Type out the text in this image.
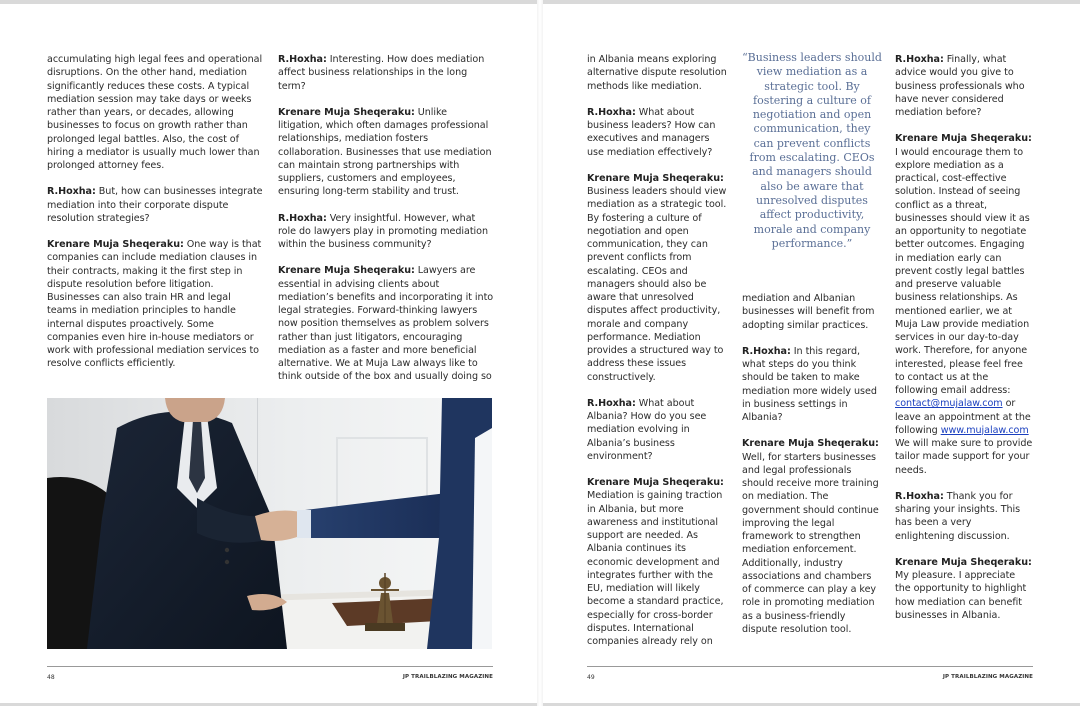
accumulating high legal fees and operational disruptions. On the other hand, mediation significantly reduces these costs. A typical mediation session may take days or weeks rather than years, or decades, allowing businesses to focus on growth rather than prolonged legal battles. Also, the cost of hiring a mediator is usually much lower than prolonged attorney fees.

R.Hoxha: But, how can businesses integrate mediation into their corporate dispute resolution strategies?

Krenare Muja Sheqeraku: One way is that companies can include mediation clauses in their contracts, making it the first step in dispute resolution before litigation. Businesses can also train HR and legal teams in mediation principles to handle internal disputes proactively. Some companies even hire in-house mediators or work with professional mediation services to resolve conflicts efficiently.

R.Hoxha: Interesting. How does mediation affect business relationships in the long term?

Krenare Muja Sheqeraku: Unlike litigation, which often damages professional relationships, mediation fosters collaboration. Businesses that use mediation can maintain strong partnerships with suppliers, customers and employees, ensuring long-term stability and trust.

R.Hoxha: Very insightful. However, what role do lawyers play in promoting mediation within the business community?

Krenare Muja Sheqeraku: Lawyers are essential in advising clients about mediation’s benefits and incorporating it into legal strategies. Forward-thinking lawyers now position themselves as problem solvers rather than just litigators, encouraging mediation as a faster and more beneficial alternative. We at Muja Law always like to think outside of the box and usually doing so

48	JP TRAILBLAZING MAGAZINE

in Albania means exploring alternative dispute resolution methods like mediation.

R.Hoxha: What about business leaders? How can executives and managers use mediation effectively?

Krenare Muja Sheqeraku: Business leaders should view mediation as a strategic tool. By fostering a culture of negotiation and open communication, they can prevent conflicts from escalating. CEOs and managers should also be aware that unresolved disputes affect productivity, morale and company performance. Mediation provides a structured way to address these issues constructively.

R.Hoxha: What about Albania? How do you see mediation evolving in Albania’s business environment?

Krenare Muja Sheqeraku: Mediation is gaining traction in Albania, but more awareness and institutional support are needed. As Albania continues its economic development and integrates further with the EU, mediation will likely become a standard practice, especially for cross-border disputes. International companies already rely on

“Business leaders should view mediation as a strategic tool. By fostering a culture of negotiation and open communication, they can prevent conflicts from escalating. CEOs and managers should also be aware that unresolved disputes affect productivity, morale and company performance.”

mediation and Albanian businesses will benefit from adopting similar practices.

R.Hoxha: In this regard, what steps do you think should be taken to make mediation more widely used in business settings in Albania?

Krenare Muja Sheqeraku: Well, for starters businesses and legal professionals should receive more training on mediation. The government should continue improving the legal framework to strengthen mediation enforcement. Additionally, industry associations and chambers of commerce can play a key role in promoting mediation as a business-friendly dispute resolution tool.

R.Hoxha: Finally, what advice would you give to business professionals who have never considered mediation before?

Krenare Muja Sheqeraku: I would encourage them to explore mediation as a practical, cost-effective solution. Instead of seeing conflict as a threat, businesses should view it as an opportunity to negotiate better outcomes. Engaging in mediation early can prevent costly legal battles and preserve valuable business relationships. As mentioned earlier, we at Muja Law provide mediation services in our day-to-day work. Therefore, for anyone interested, please feel free to contact us at the following email address: contact@mujalaw.com or leave an appointment at the following www.mujalaw.com We will make sure to provide tailor made support for your needs.

R.Hoxha: Thank you for sharing your insights. This has been a very enlightening discussion.

Krenare Muja Sheqeraku: My pleasure. I appreciate the opportunity to highlight how mediation can benefit businesses in Albania.

49	JP TRAILBLAZING MAGAZINE
